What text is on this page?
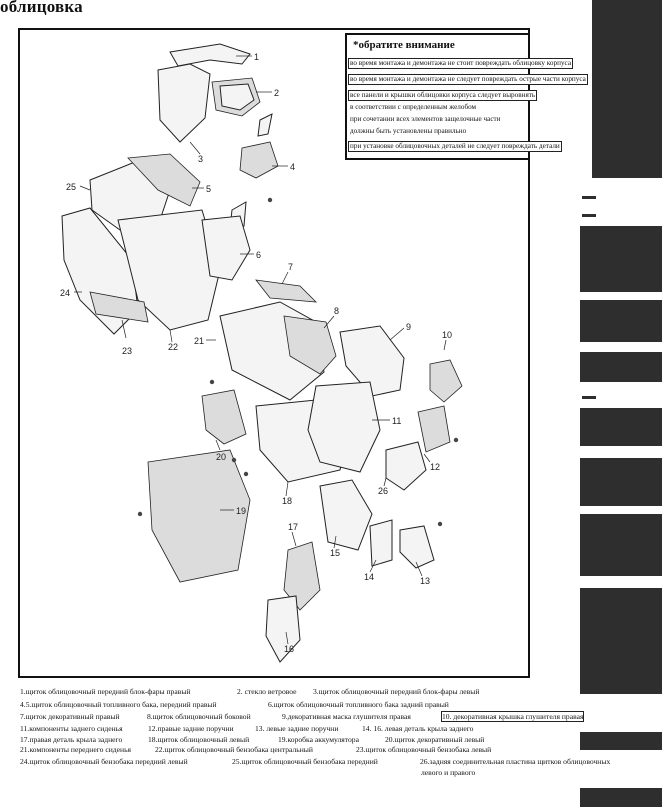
облицовка
1
2
3
4
5
6
7
8
9
10
11
12
13
14
15
16
17
18
19
20
21
22
23
24
25
26
*обратите внимание
во время монтажа и демонтажа не стоит повреждать облицовку корпуса
во время монтажа и демонтажа не следует повреждать острые части корпуса
все панели и крышки облицовки корпуса следует выровнять
в соответствии с определенным желобом
при сочетании всех элементов защелочные части
должны быть установлены правильно
при установке облицовочных деталей не следует повреждать детали
1.щиток облицовочный передний блок-фары правый	2. стекло ветровое 3.щиток облицовочный передний блок-фары левый
4.5.щиток облицовочный топливного бака, передний правый	6.щиток облицовочный топливного бака задний правый
7.щиток декоративный правый	8.щиток облицовочный боковой	9.декоративная маска глушителя правая	10. декоративная крышка глушителя правая
11.компоненты заднего сиденья	12.правые задние поручни	13. левые задние поручни	14. 16. левая деталь крыла заднего
17.правая деталь крыла заднего	18.щиток облицовочный левый	19.коробка аккумулятора	20.щиток декоративный левый
21.компоненты переднего сиденья	22.щиток облицовочный бензобака центральный	23.щиток облицовочный бензобака левый
24.щиток облицовочный бензобака передний левый	25.щиток облицовочный бензобака передний	26.задняя соединительная пластина щитков облицовочных
левого и правого
